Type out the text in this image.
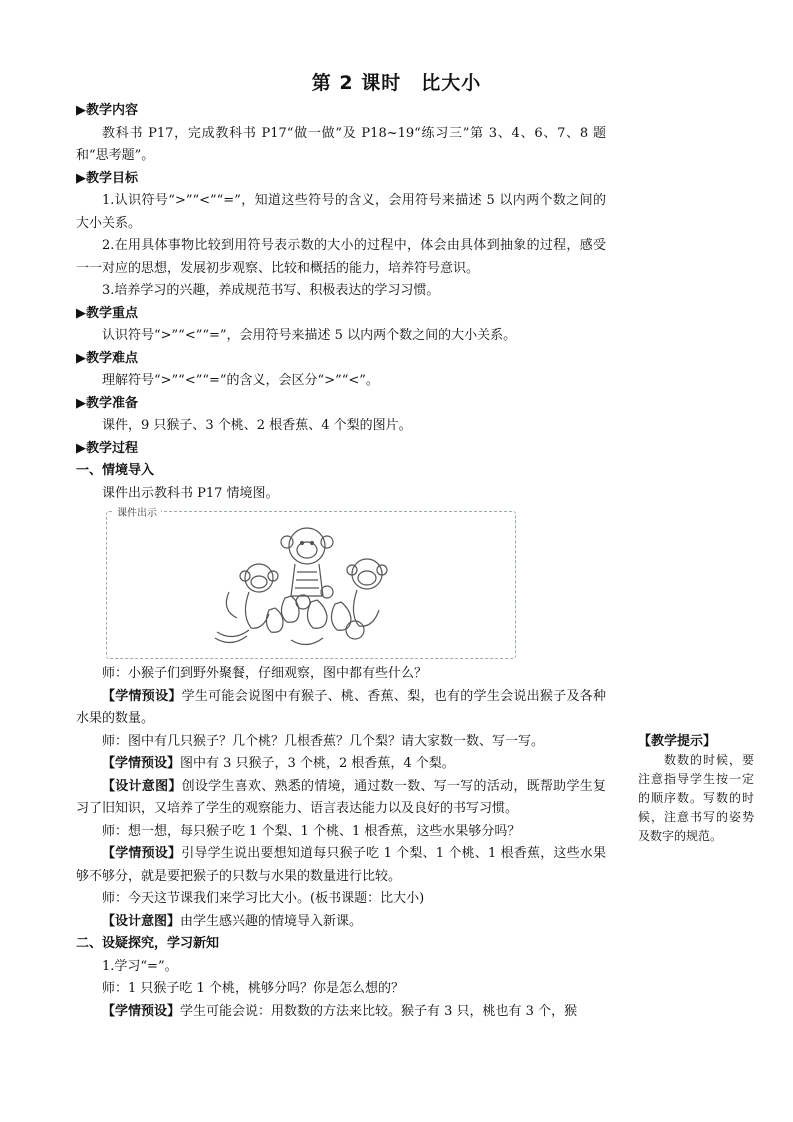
第 2 课时　比大小

▶教学内容

教科书 P17，完成教科书 P17“做一做”及 P18~19“练习三”第 3、4、6、7、8 题和“思考题”。

▶教学目标

1.认识符号“>”“<”“=”，知道这些符号的含义，会用符号来描述 5 以内两个数之间的大小关系。

2.在用具体事物比较到用符号表示数的大小的过程中，体会由具体到抽象的过程，感受一一对应的思想，发展初步观察、比较和概括的能力，培养符号意识。

3.培养学习的兴趣，养成规范书写、积极表达的学习习惯。

▶教学重点

认识符号“>”“<”“=”，会用符号来描述 5 以内两个数之间的大小关系。

▶教学难点

理解符号“>”“<”“=”的含义，会区分“>”“<”。

▶教学准备

课件，9 只猴子、3 个桃、2 根香蕉、4 个梨的图片。

▶教学过程

一、情境导入

课件出示教科书 P17 情境图。

课件出示

师：小猴子们到野外聚餐，仔细观察，图中都有些什么？

【学情预设】学生可能会说图中有猴子、桃、香蕉、梨，也有的学生会说出猴子及各种水果的数量。

师：图中有几只猴子？几个桃？几根香蕉？几个梨？请大家数一数、写一写。

【学情预设】图中有 3 只猴子，3 个桃，2 根香蕉，4 个梨。

【设计意图】创设学生喜欢、熟悉的情境，通过数一数、写一写的活动，既帮助学生复习了旧知识，又培养了学生的观察能力、语言表达能力以及良好的书写习惯。

师：想一想，每只猴子吃 1 个梨、1 个桃、1 根香蕉，这些水果够分吗？

【学情预设】引导学生说出要想知道每只猴子吃 1 个梨、1 个桃、1 根香蕉，这些水果够不够分，就是要把猴子的只数与水果的数量进行比较。

师：今天这节课我们来学习比大小。(板书课题：比大小)

【设计意图】由学生感兴趣的情境导入新课。

二、设疑探究，学习新知

1.学习“=”。

师：1 只猴子吃 1 个桃，桃够分吗？你是怎么想的？

【学情预设】学生可能会说：用数数的方法来比较。猴子有 3 只，桃也有 3 个，猴

【教学提示】

数数的时候，要注意指导学生按一定的顺序数。写数的时候，注意书写的姿势及数字的规范。
